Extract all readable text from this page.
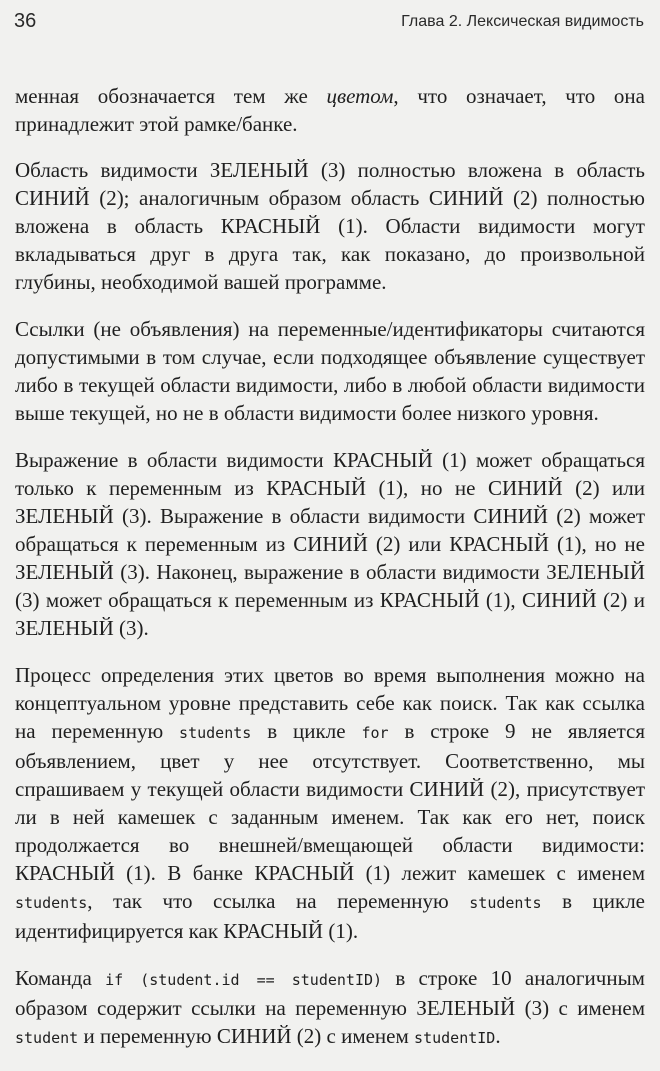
36	Глава 2. Лексическая видимость

менная обозначается тем же цветом, что означает, что она принадлежит этой рамке/банке.

Область видимости ЗЕЛЕНЫЙ (3) полностью вложена в область СИНИЙ (2); аналогичным образом область СИНИЙ (2) полностью вложена в область КРАСНЫЙ (1). Области видимости могут вкладываться друг в друга так, как показано, до произвольной глубины, необходимой вашей программе.

Ссылки (не объявления) на переменные/идентификаторы считаются допустимыми в том случае, если подходящее объявление существует либо в текущей области видимости, либо в любой области видимости выше текущей, но не в области видимости более низкого уровня.

Выражение в области видимости КРАСНЫЙ (1) может обращаться только к переменным из КРАСНЫЙ (1), но не СИНИЙ (2) или ЗЕЛЕНЫЙ (3). Выражение в области видимости СИНИЙ (2) может обращаться к переменным из СИНИЙ (2) или КРАСНЫЙ (1), но не ЗЕЛЕНЫЙ (3). Наконец, выражение в области видимости ЗЕЛЕНЫЙ (3) может обращаться к переменным из КРАСНЫЙ (1), СИНИЙ (2) и ЗЕЛЕНЫЙ (3).

Процесс определения этих цветов во время выполнения можно на концептуальном уровне представить себе как поиск. Так как ссылка на переменную students в цикле for в строке 9 не является объявлением, цвет у нее отсутствует. Соответственно, мы спрашиваем у текущей области видимости СИНИЙ (2), присутствует ли в ней камешек с заданным именем. Так как его нет, поиск продолжается во внешней/вмещающей области видимости: КРАСНЫЙ (1). В банке КРАСНЫЙ (1) лежит камешек с именем students, так что ссылка на переменную students в цикле идентифицируется как КРАСНЫЙ (1).

Команда if (student.id == studentID) в строке 10 аналогичным образом содержит ссылки на переменную ЗЕЛЕНЫЙ (3) с именем student и переменную СИНИЙ (2) с именем studentID.
